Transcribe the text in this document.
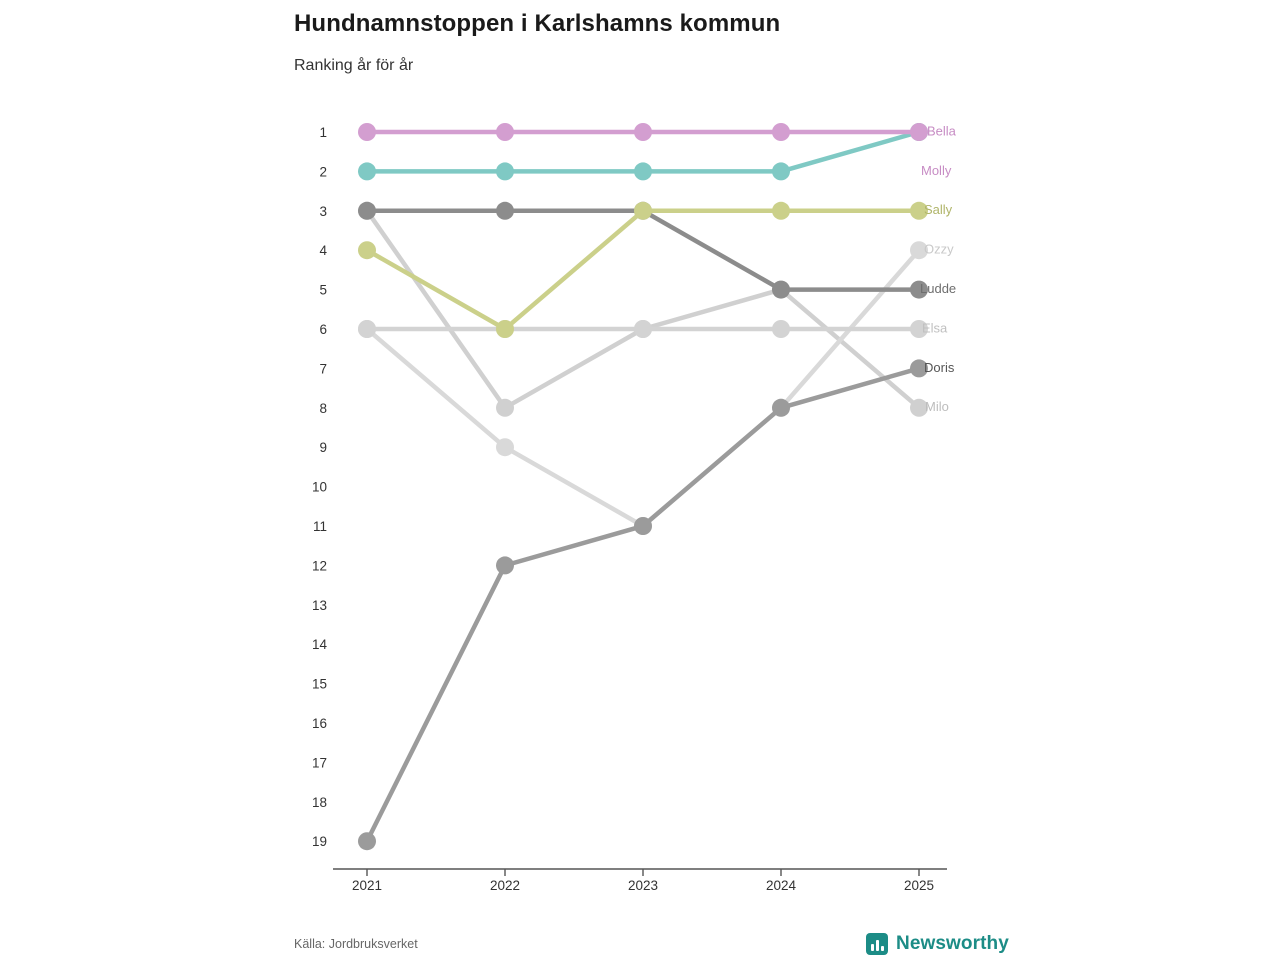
Hundnamnstoppen i Karlshamns kommun
Ranking år för år
1
2
3
4
5
6
7
8
9
10
11
12
13
14
15
16
17
18
19
2021	2022	2023	2024	2025
Bella
Molly
Sally
Ozzy
Ludde
Elsa
Doris
Milo
Källa: Jordbruksverket	Newsworthy
